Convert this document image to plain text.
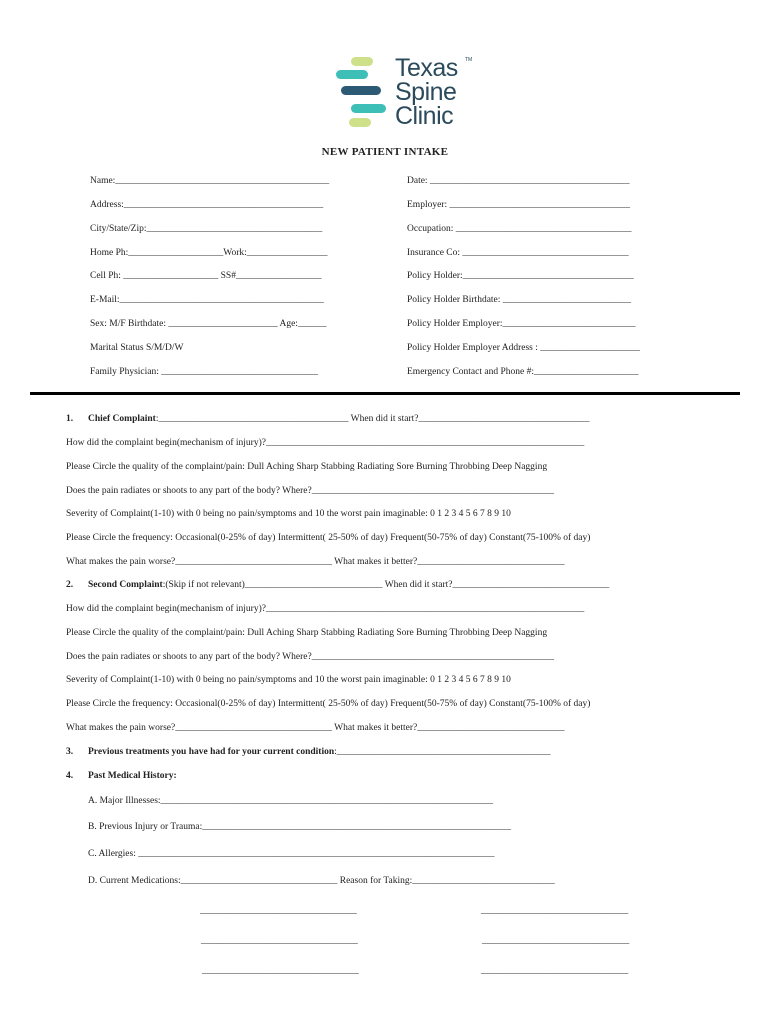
Texas
Spine
Clinic
TM
NEW PATIENT INTAKE
Name:_____________________________________________
Address:__________________________________________
City/State/Zip:_____________________________________
Home Ph:____________________Work:_________________
Cell Ph: ____________________ SS#__________________
E-Mail:___________________________________________
Sex: M/F Birthdate: _______________________ Age:______
Marital Status S/M/D/W
Family Physician: _________________________________
Date: __________________________________________
Employer: ______________________________________
Occupation: _____________________________________
Insurance Co: ___________________________________
Policy Holder:____________________________________
Policy Holder Birthdate: ___________________________
Policy Holder Employer:____________________________
Policy Holder Employer Address : _____________________
Emergency Contact and Phone #:______________________
1. Chief Complaint:________________________________________ When did it start?____________________________________
How did the complaint begin(mechanism of injury)?___________________________________________________________________
Please Circle the quality of the complaint/pain: Dull Aching Sharp Stabbing Radiating Sore Burning Throbbing Deep Nagging
Does the pain radiates or shoots to any part of the body? Where?___________________________________________________
Severity of Complaint(1-10) with 0 being no pain/symptoms and 10 the worst pain imaginable: 0 1 2 3 4 5 6 7 8 9 10
Please Circle the frequency: Occasional(0-25% of day) Intermittent( 25-50% of day) Frequent(50-75% of day) Constant(75-100% of day)
What makes the pain worse?_________________________________ What makes it better?_______________________________
2. Second Complaint:(Skip if not relevant)_____________________________ When did it start?_________________________________
How did the complaint begin(mechanism of injury)?___________________________________________________________________
Please Circle the quality of the complaint/pain: Dull Aching Sharp Stabbing Radiating Sore Burning Throbbing Deep Nagging
Does the pain radiates or shoots to any part of the body? Where?___________________________________________________
Severity of Complaint(1-10) with 0 being no pain/symptoms and 10 the worst pain imaginable: 0 1 2 3 4 5 6 7 8 9 10
Please Circle the frequency: Occasional(0-25% of day) Intermittent( 25-50% of day) Frequent(50-75% of day) Constant(75-100% of day)
What makes the pain worse?_________________________________ What makes it better?_______________________________
3. Previous treatments you have had for your current condition:_____________________________________________
4. Past Medical History:
A. Major Illnesses:______________________________________________________________________
B. Previous Injury or Trauma:_________________________________________________________________
C. Allergies: ___________________________________________________________________________
D. Current Medications:_________________________________ Reason for Taking:______________________________
_________________________________	_______________________________
_________________________________	_______________________________
_________________________________	_______________________________
